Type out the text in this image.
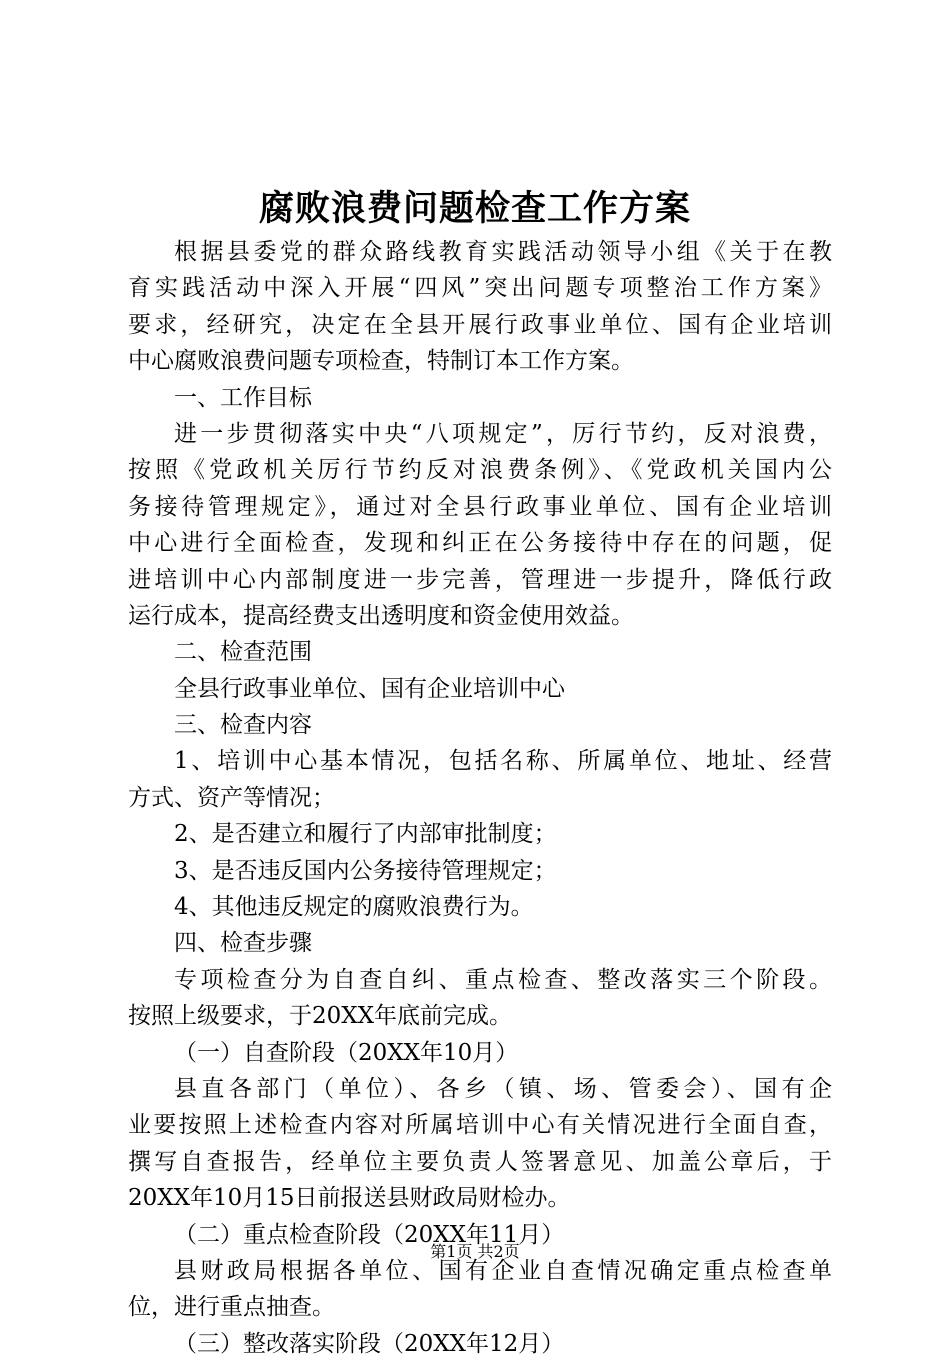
腐败浪费问题检查工作方案
根据县委党的群众路线教育实践活动领导小组《关于在教
育实践活动中深入开展“四风”突出问题专项整治工作方案》
要求，经研究，决定在全县开展行政事业单位、国有企业培训
中心腐败浪费问题专项检查，特制订本工作方案。
一、工作目标
进一步贯彻落实中央“八项规定”，厉行节约，反对浪费，
按照《党政机关厉行节约反对浪费条例》、《党政机关国内公
务接待管理规定》，通过对全县行政事业单位、国有企业培训
中心进行全面检查，发现和纠正在公务接待中存在的问题，促
进培训中心内部制度进一步完善，管理进一步提升，降低行政
运行成本，提高经费支出透明度和资金使用效益。
二、检查范围
全县行政事业单位、国有企业培训中心
三、检查内容
1、培训中心基本情况，包括名称、所属单位、地址、经营
方式、资产等情况；
2、是否建立和履行了内部审批制度；
3、是否违反国内公务接待管理规定；
4、其他违反规定的腐败浪费行为。
四、检查步骤
专项检查分为自查自纠、重点检查、整改落实三个阶段。
按照上级要求，于20XX年底前完成。
（一）自查阶段（20XX年10月）
县直各部门（单位）、各乡（镇、场、管委会）、国有企
业要按照上述检查内容对所属培训中心有关情况进行全面自查，
撰写自查报告，经单位主要负责人签署意见、加盖公章后，于
20XX年10月15日前报送县财政局财检办。
（二）重点检查阶段（20XX年11月）
县财政局根据各单位、国有企业自查情况确定重点检查单
位，进行重点抽查。
（三）整改落实阶段（20XX年12月）
第1页 共2页
